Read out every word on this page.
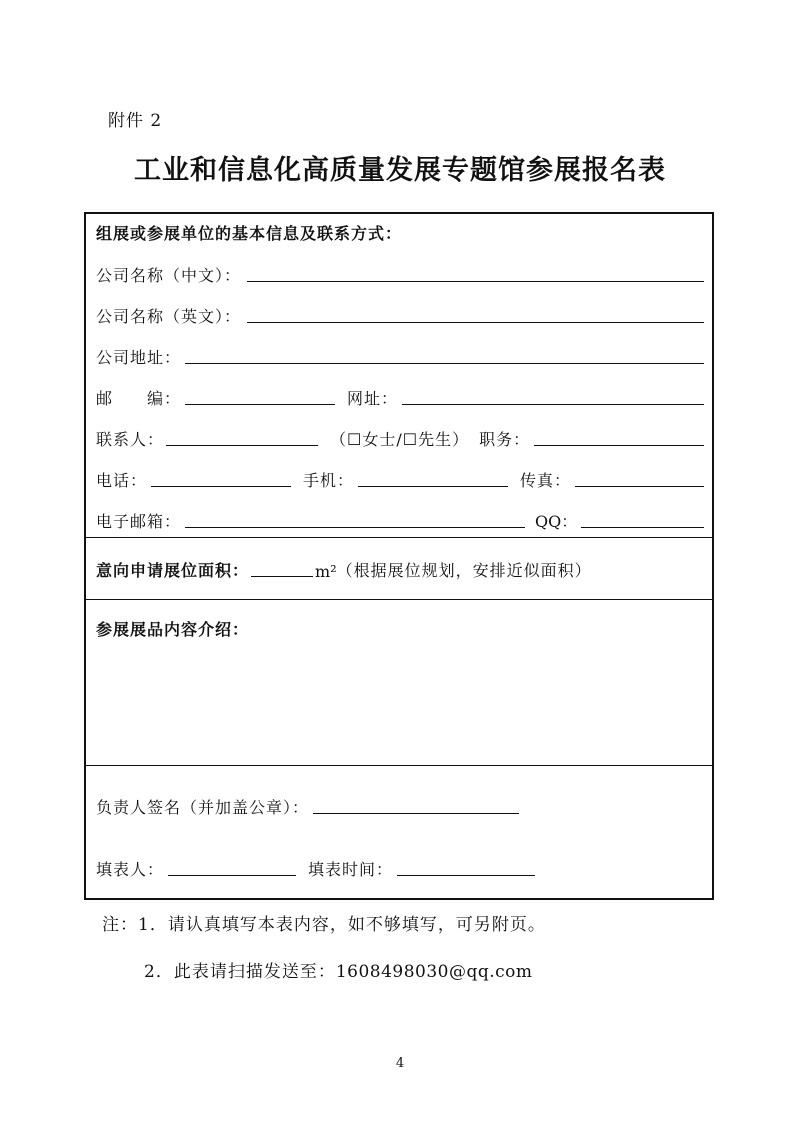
附件 2
工业和信息化高质量发展专题馆参展报名表
组展或参展单位的基本信息及联系方式：
公司名称（中文）：
公司名称（英文）：
公司地址：
邮　　编：	网址：
联系人：	（☐女士/☐先生） 职务：
电话：	手机：	传真：
电子邮箱：	QQ：
意向申请展位面积：	m² （根据展位规划，安排近似面积）
参展展品内容介绍：
负责人签名（并加盖公章）：
填表人：	填表时间：
注：1．请认真填写本表内容，如不够填写，可另附页。
2．此表请扫描发送至：1608498030@qq.com
4
